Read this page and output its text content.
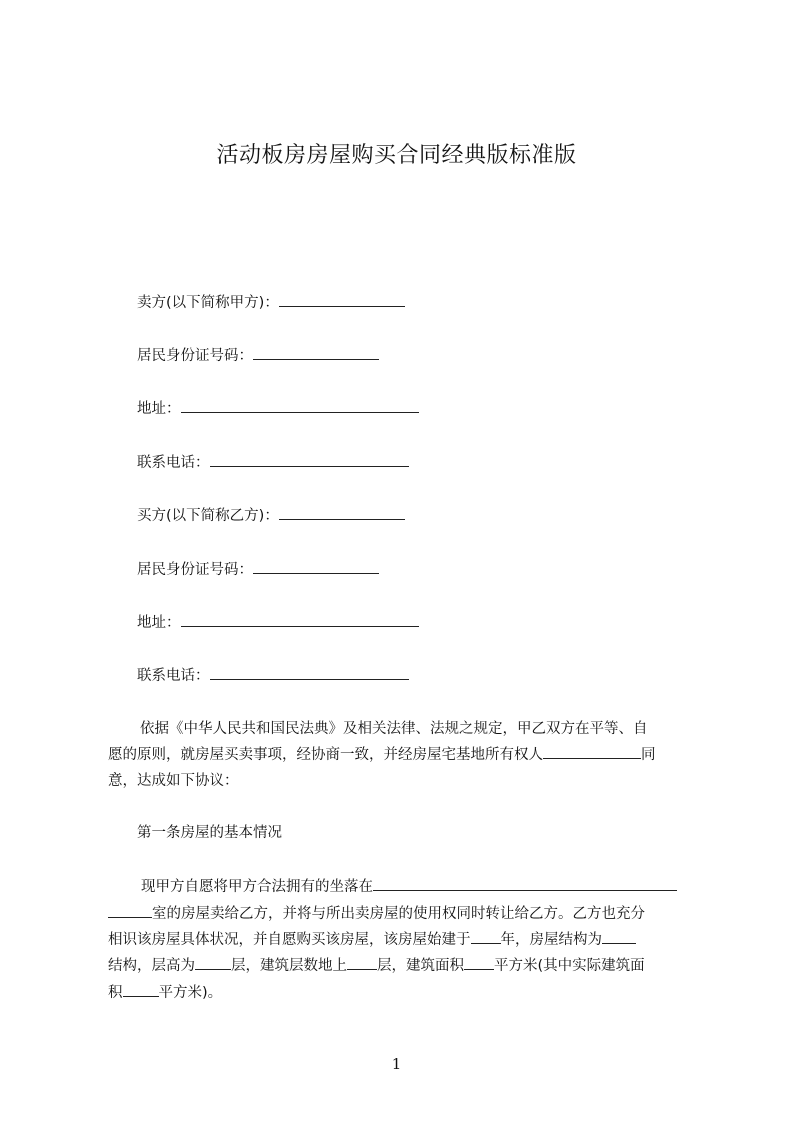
活动板房房屋购买合同经典版标准版
卖方(以下简称甲方)：
居民身份证号码：
地址：
联系电话：
买方(以下简称乙方)：
居民身份证号码：
地址：
联系电话：
依据《中华人民共和国民法典》及相关法律、法规之规定，甲乙双方在平等、自
愿的原则，就房屋买卖事项，经协商一致，并经房屋宅基地所有权人	同
意，达成如下协议：
第一条房屋的基本情况
现甲方自愿将甲方合法拥有的坐落在
室的房屋卖给乙方，并将与所出卖房屋的使用权同时转让给乙方。乙方也充分
相识该房屋具体状况，并自愿购买该房屋，该房屋始建于 年，房屋结构为
结构，层高为 层，建筑层数地上 层，建筑面积 平方米(其中实际建筑面
积 平方米)。
1
